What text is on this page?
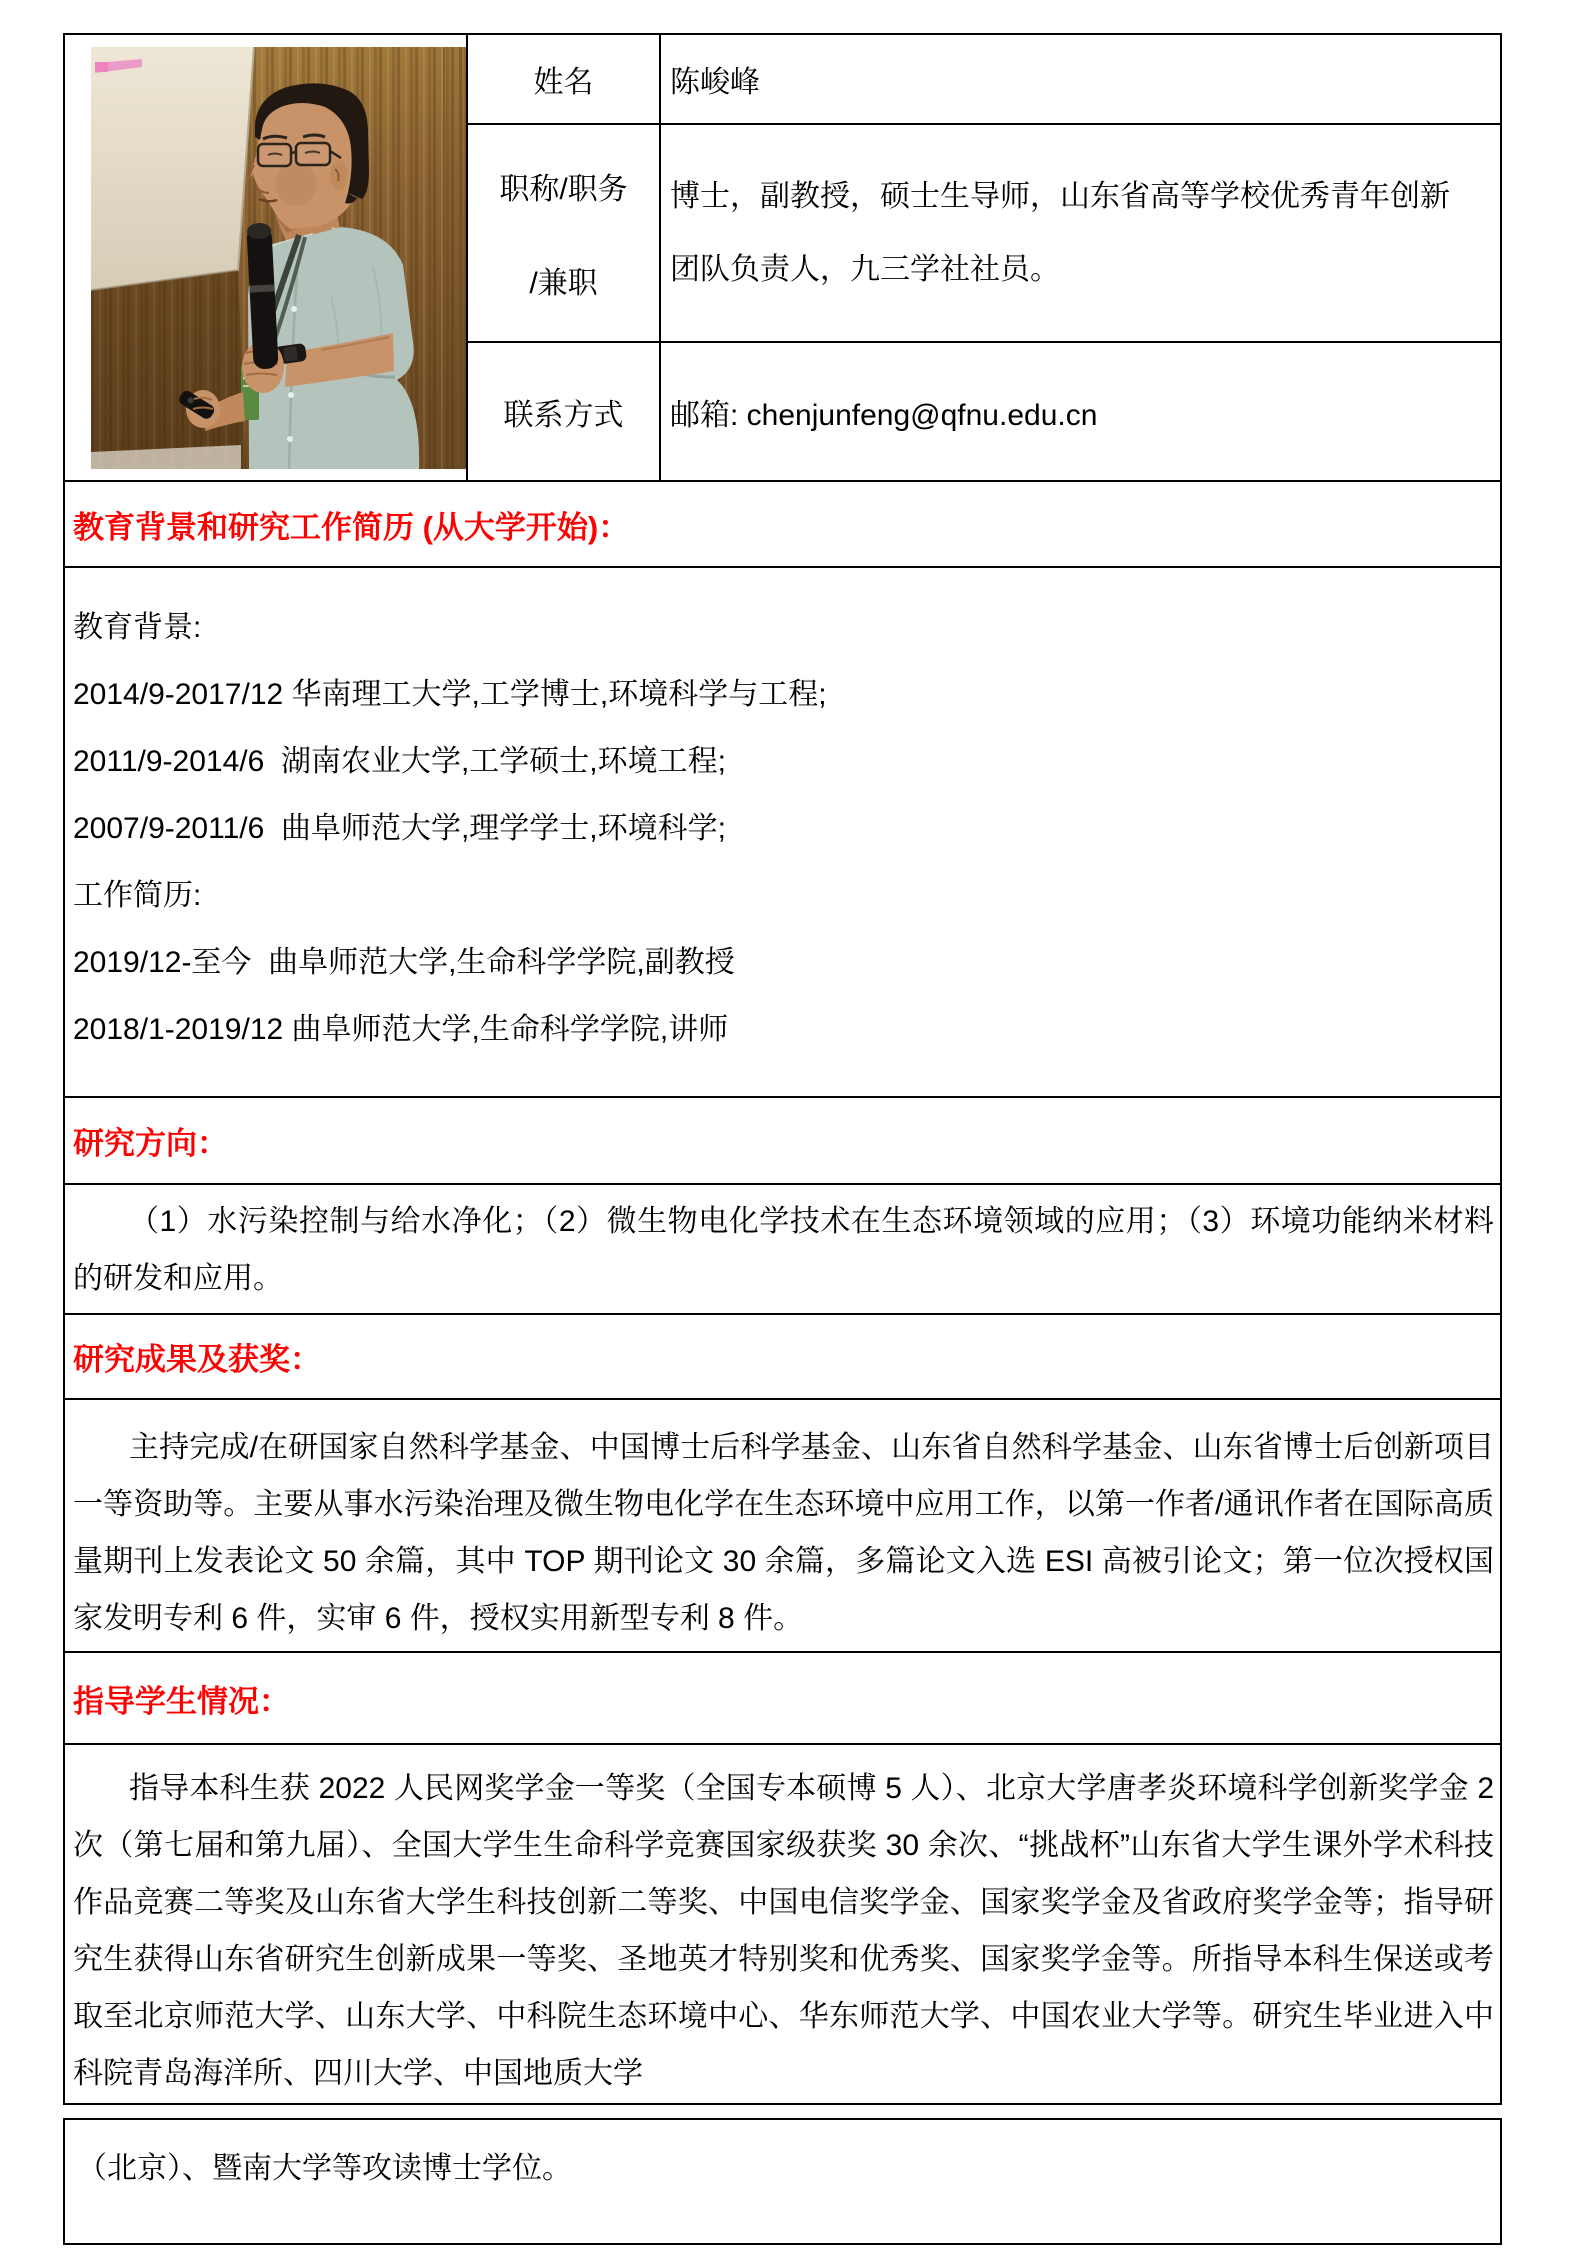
姓名	陈峻峰
职称/职务
/兼职
博士，副教授，硕士生导师，山东省高等学校优秀青年创新团队负责人，九三学社社员。
联系方式	邮箱: chenjunfeng@qfnu.edu.cn
教育背景和研究工作简历 (从大学开始)：
教育背景:
2014/9-2017/12 华南理工大学,工学博士,环境科学与工程;
2011/9-2014/6  湖南农业大学,工学硕士,环境工程;
2007/9-2011/6  曲阜师范大学,理学学士,环境科学;
工作简历:
2019/12-至今  曲阜师范大学,生命科学学院,副教授
2018/1-2019/12 曲阜师范大学,生命科学学院,讲师
研究方向：

（1）水污染控制与给水净化；（2）微生物电化学技术在生态环境领域的应用；（3）环境功能纳米材料的研发和应用。

研究成果及获奖：

主持完成/在研国家自然科学基金、中国博士后科学基金、山东省自然科学基金、山东省博士后创新项目一等资助等。主要从事水污染治理及微生物电化学在生态环境中应用工作，以第一作者/通讯作者在国际高质量期刊上发表论文 50 余篇，其中 TOP 期刊论文 30 余篇，多篇论文入选 ESI 高被引论文；第一位次授权国家发明专利 6 件，实审 6 件，授权实用新型专利 8 件。

指导学生情况：

指导本科生获 2022 人民网奖学金一等奖（全国专本硕博 5 人）、北京大学唐孝炎环境科学创新奖学金 2 次（第七届和第九届）、全国大学生生命科学竞赛国家级获奖 30 余次、“挑战杯”山东省大学生课外学术科技作品竞赛二等奖及山东省大学生科技创新二等奖、中国电信奖学金、国家奖学金及省政府奖学金等；指导研究生获得山东省研究生创新成果一等奖、圣地英才特别奖和优秀奖、国家奖学金等。所指导本科生保送或考取至北京师范大学、山东大学、中科院生态环境中心、华东师范大学、中国农业大学等。研究生毕业进入中科院青岛海洋所、四川大学、中国地质大学

（北京）、暨南大学等攻读博士学位。
